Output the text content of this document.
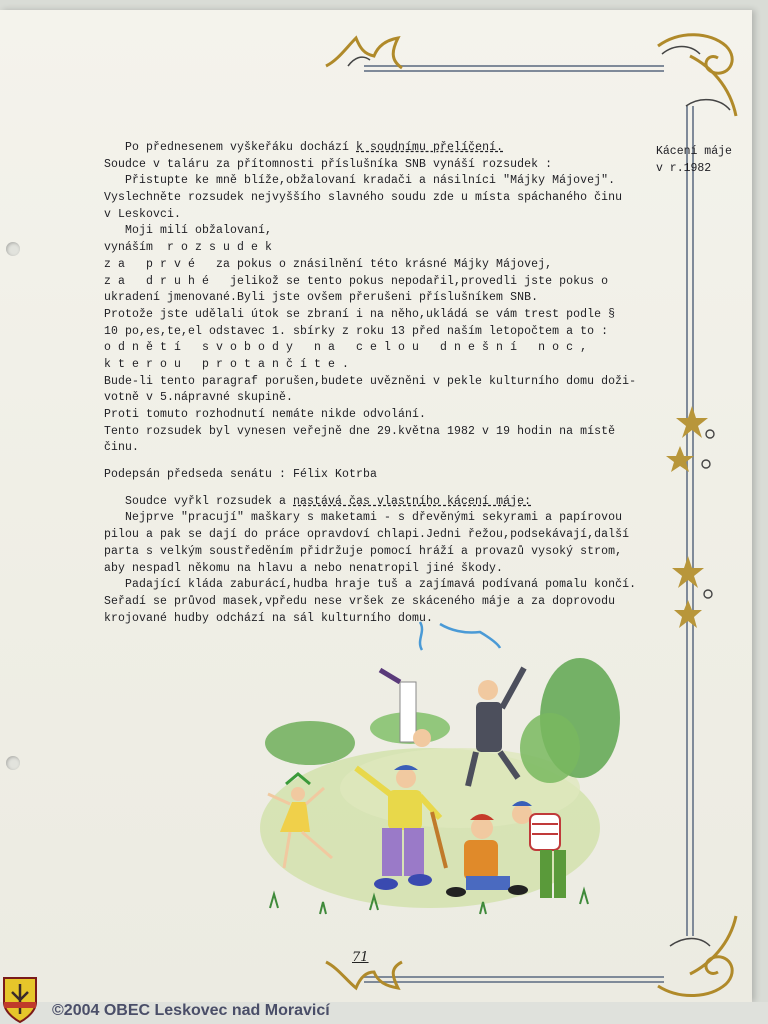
Po přednesenem vyškeřáku dochází k soudnímu přelíčení.
Soudce v taláru za přítomnosti příslušníka SNB vynáší rozsudek :
Přistupte ke mně blíže,obžalovaní kradači a násilníci "Májky Májovej".
Vyslechněte rozsudek nejvyššího slavného soudu zde u místa spáchaného činu
v Leskovci.
Moji milí obžalovaní,
vynáším  r o z s u d e k
z a   p r v é   za pokus o znásilnění této krásné Májky Májovej,
z a   d r u h é   jelikož se tento pokus nepodařil,provedli jste pokus o
ukradení jmenované.Byli jste ovšem přerušeni příslušníkem SNB.
Protože jste udělali útok se zbraní i na něho,ukládá se vám trest podle §
10 po,es,te,el odstavec 1. sbírky z roku 13 před naším letopočtem a to :
o d n ě t í   s v o b o d y   n a   c e l o u   d n e š n í   n o c ,
k t e r o u   p r o t a n č í t e .
Bude-li tento paragraf porušen,budete uvězněni v pekle kulturního domu doži-
votně v 5.nápravné skupině.
Proti tomuto rozhodnutí nemáte nikde odvolání.
Tento rozsudek byl vynesen veřejně dne 29.května 1982 v 19 hodin na místě
činu.
Podepsán předseda senátu : Félix Kotrba
Soudce vyřkl rozsudek a nastává čas vlastního kácení máje:
Nejprve "pracují" maškary s maketami - s dřevěnými sekyrami a papírovou
pilou a pak se dají do práce opravdoví chlapi.Jedni řežou,podsekávají,další
parta s velkým soustředěním přidržuje pomocí hráží a provazů vysoký strom,
aby nespadl někomu na hlavu a nebo nenatropil jiné škody.
Padající kláda zaburácí,hudba hraje tuš a zajímavá podívaná pomalu končí.
Seřadí se průvod masek,vpředu nese vršek ze skáceného máje a za doprovodu
krojované hudby odchází na sál kulturního domu.
Kácení máje
v r.1982
71
©2004 OBEC Leskovec nad Moravicí
